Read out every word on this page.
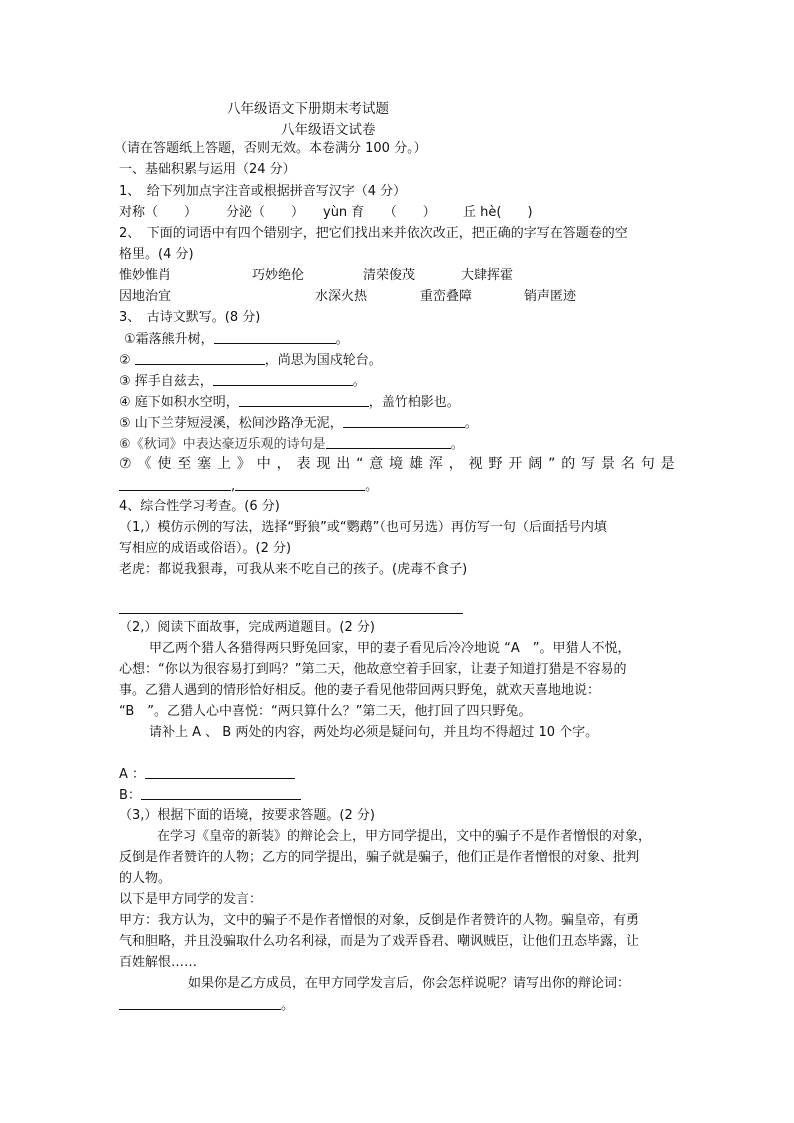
八年级语文下册期末考试题
八年级语文试卷
（请在答题纸上答题，否则无效。本卷满分 100 分。）
一、基础积累与运用（24 分）
1、　给下列加点字注音或根据拼音写汉字（4 分）
对称（　　） 分泌（　　） yùn 育　　（　　） 丘 hè(　　)
2、　下面的词语中有四个错别字，把它们找出来并依次改正，把正确的字写在答题卷的空
格里。(4 分)
惟妙惟肖	巧妙绝伦	清荣俊茂	大肆挥霍
因地治宜	水深火热	重峦叠障	销声匿迹
3、　古诗文默写。(8 分)
①霜落熊升树，	。
②	，尚思为国戍轮台。
③ 挥手自兹去，	。
④ 庭下如积水空明，	，盖竹柏影也。
⑤ 山下兰芽短浸溪，松间沙路净无泥，	。
⑥《秋词》中表达豪迈乐观的诗句是	。
⑦ 《 使 至 塞 上 》 中 ， 表 现 出 “ 意 境 雄 浑 ， 视 野 开 阔 ” 的 写 景 名 句 是
,	。
4、综合性学习考查。(6 分)
（1,）模仿示例的写法，选择“野狼”或“鹦鹉”（也可另选）再仿写一句（后面括号内填
写相应的成语或俗语）。(2 分)
老虎：都说我狠毒，可我从来不吃自己的孩子。(虎毒不食子)
（2,）阅读下面故事，完成两道题目。(2 分)
甲乙两个猎人各猎得两只野兔回家，甲的妻子看见后冷冷地说 “A　”。甲猎人不悦，
心想：“你以为很容易打到吗？”第二天，他故意空着手回家，让妻子知道打猎是不容易的
事。乙猎人遇到的情形恰好相反。他的妻子看见他带回两只野兔，就欢天喜地地说：
“B　”。乙猎人心中喜悦：“两只算什么？”第二天，他打回了四只野兔。
请补上 A 、 B 两处的内容，两处均必须是疑问句，并且均不得超过 10 个字。
A ：
B：
（3,）根据下面的语境，按要求答题。(2 分)
在学习《皇帝的新装》的辩论会上，甲方同学提出，文中的骗子不是作者憎恨的对象，
反倒是作者赞许的人物；乙方的同学提出，骗子就是骗子，他们正是作者憎恨的对象、批判
的人物。
以下是甲方同学的发言：
甲方：我方认为，文中的骗子不是作者憎恨的对象，反倒是作者赞许的人物。骗皇帝，有勇
气和胆略，并且没骗取什么功名利禄，而是为了戏弄昏君、嘲讽贼臣，让他们丑态毕露，让
百姓解恨……
如果你是乙方成员，在甲方同学发言后，你会怎样说呢？请写出你的辩论词：
。
